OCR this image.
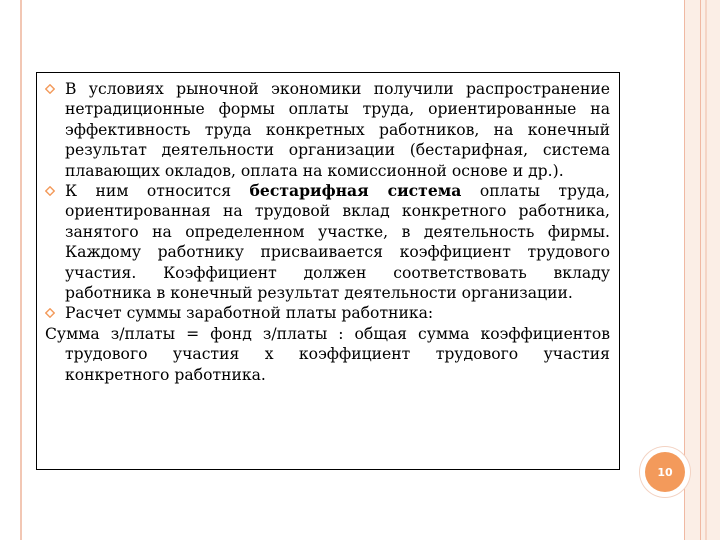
В условиях рыночной экономики получили распространение нетрадиционные формы оплаты труда, ориентированные на эффективность труда конкретных работников, на конечный результат деятельности организации (бестарифная, система плавающих окладов, оплата на комиссионной основе и др.).

К ним относится бестарифная система оплаты труда, ориентированная на трудовой вклад конкретного работника, занятого на определенном участке, в деятельность фирмы. Каждому работнику присваивается коэффициент трудового участия. Коэффициент должен соответствовать вкладу работника в конечный результат деятельности организации.

Расчет суммы заработной платы работника:

Сумма з/платы = фонд з/платы : общая сумма коэффициентов трудового участия х коэффициент трудового участия конкретного работника.

10
